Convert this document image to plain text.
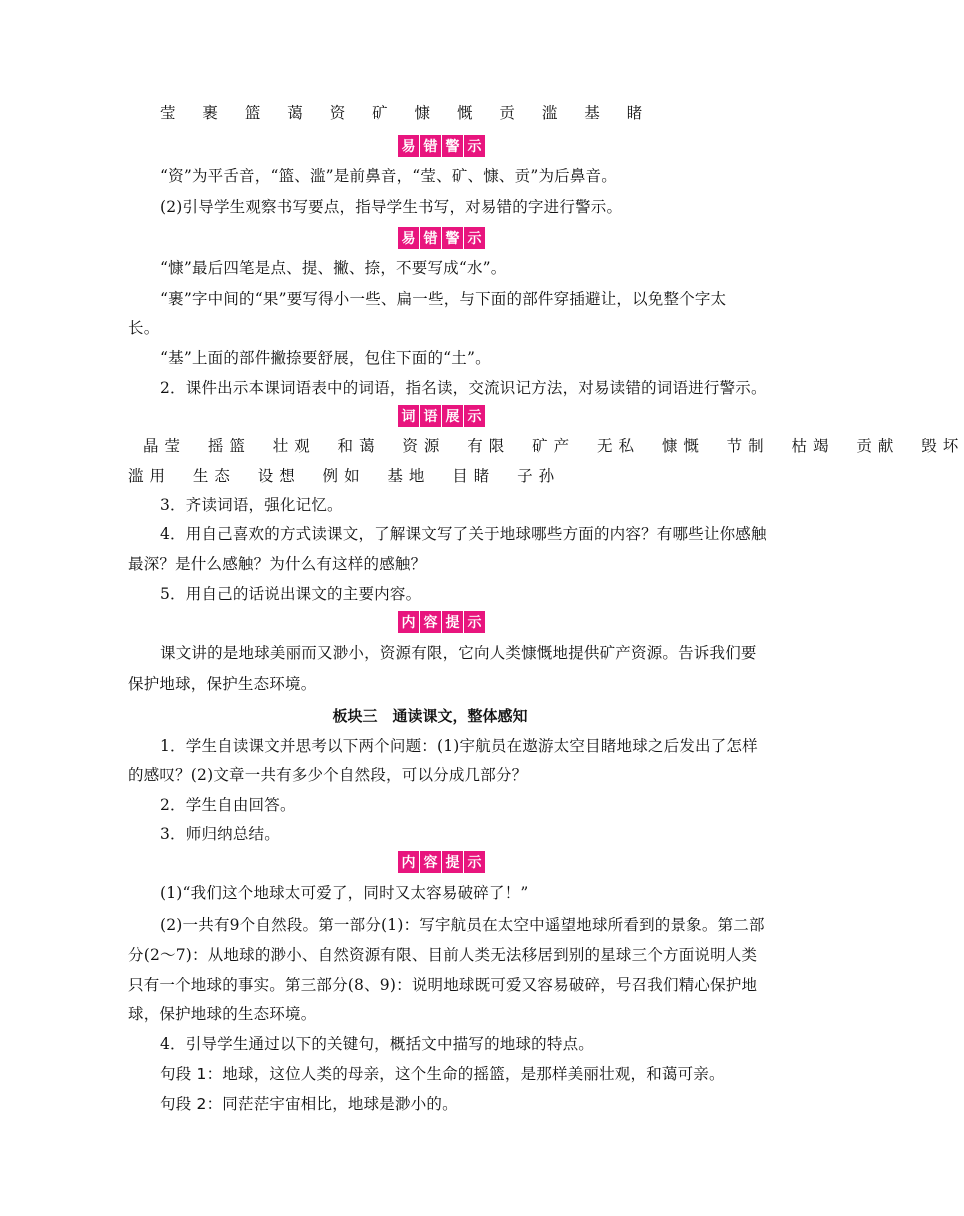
莹 裹 篮 蔼 资 矿 慷 慨 贡 滥 基 睹
易 错 警 示
“资”为平舌音，“篮、滥”是前鼻音，“莹、矿、慷、贡”为后鼻音。
(2)引导学生观察书写要点，指导学生书写，对易错的字进行警示。
易 错 警 示
“慷”最后四笔是点、提、撇、捺，不要写成“水”。
“裹”字中间的“果”要写得小一些、扁一些，与下面的部件穿插避让，以免整个字太
长。
“基”上面的部件撇捺要舒展，包住下面的“土”。
2．课件出示本课词语表中的词语，指名读，交流识记方法，对易读错的词语进行警示。
词 语 展 示
晶莹  摇篮  壮观  和蔼  资源  有限  矿产  无私  慷慨  节制  枯竭  贡献  毁坏
滥用  生态  设想  例如  基地  目睹  子孙
3．齐读词语，强化记忆。
4．用自己喜欢的方式读课文，了解课文写了关于地球哪些方面的内容？有哪些让你感触
最深？是什么感触？为什么有这样的感触？
5．用自己的话说出课文的主要内容。
内 容 提 示
课文讲的是地球美丽而又渺小，资源有限，它向人类慷慨地提供矿产资源。告诉我们要
保护地球，保护生态环境。
板块三　通读课文，整体感知
1．学生自读课文并思考以下两个问题：(1)宇航员在遨游太空目睹地球之后发出了怎样
的感叹？(2)文章一共有多少个自然段，可以分成几部分？
2．学生自由回答。
3．师归纳总结。
内 容 提 示
(1)“我们这个地球太可爱了，同时又太容易破碎了！”
(2)一共有9个自然段。第一部分(1)：写宇航员在太空中遥望地球所看到的景象。第二部
分(2～7)：从地球的渺小、自然资源有限、目前人类无法移居到别的星球三个方面说明人类
只有一个地球的事实。第三部分(8、9)：说明地球既可爱又容易破碎，号召我们精心保护地
球，保护地球的生态环境。
4．引导学生通过以下的关键句，概括文中描写的地球的特点。
句段 1：地球，这位人类的母亲，这个生命的摇篮，是那样美丽壮观，和蔼可亲。
句段 2：同茫茫宇宙相比，地球是渺小的。
